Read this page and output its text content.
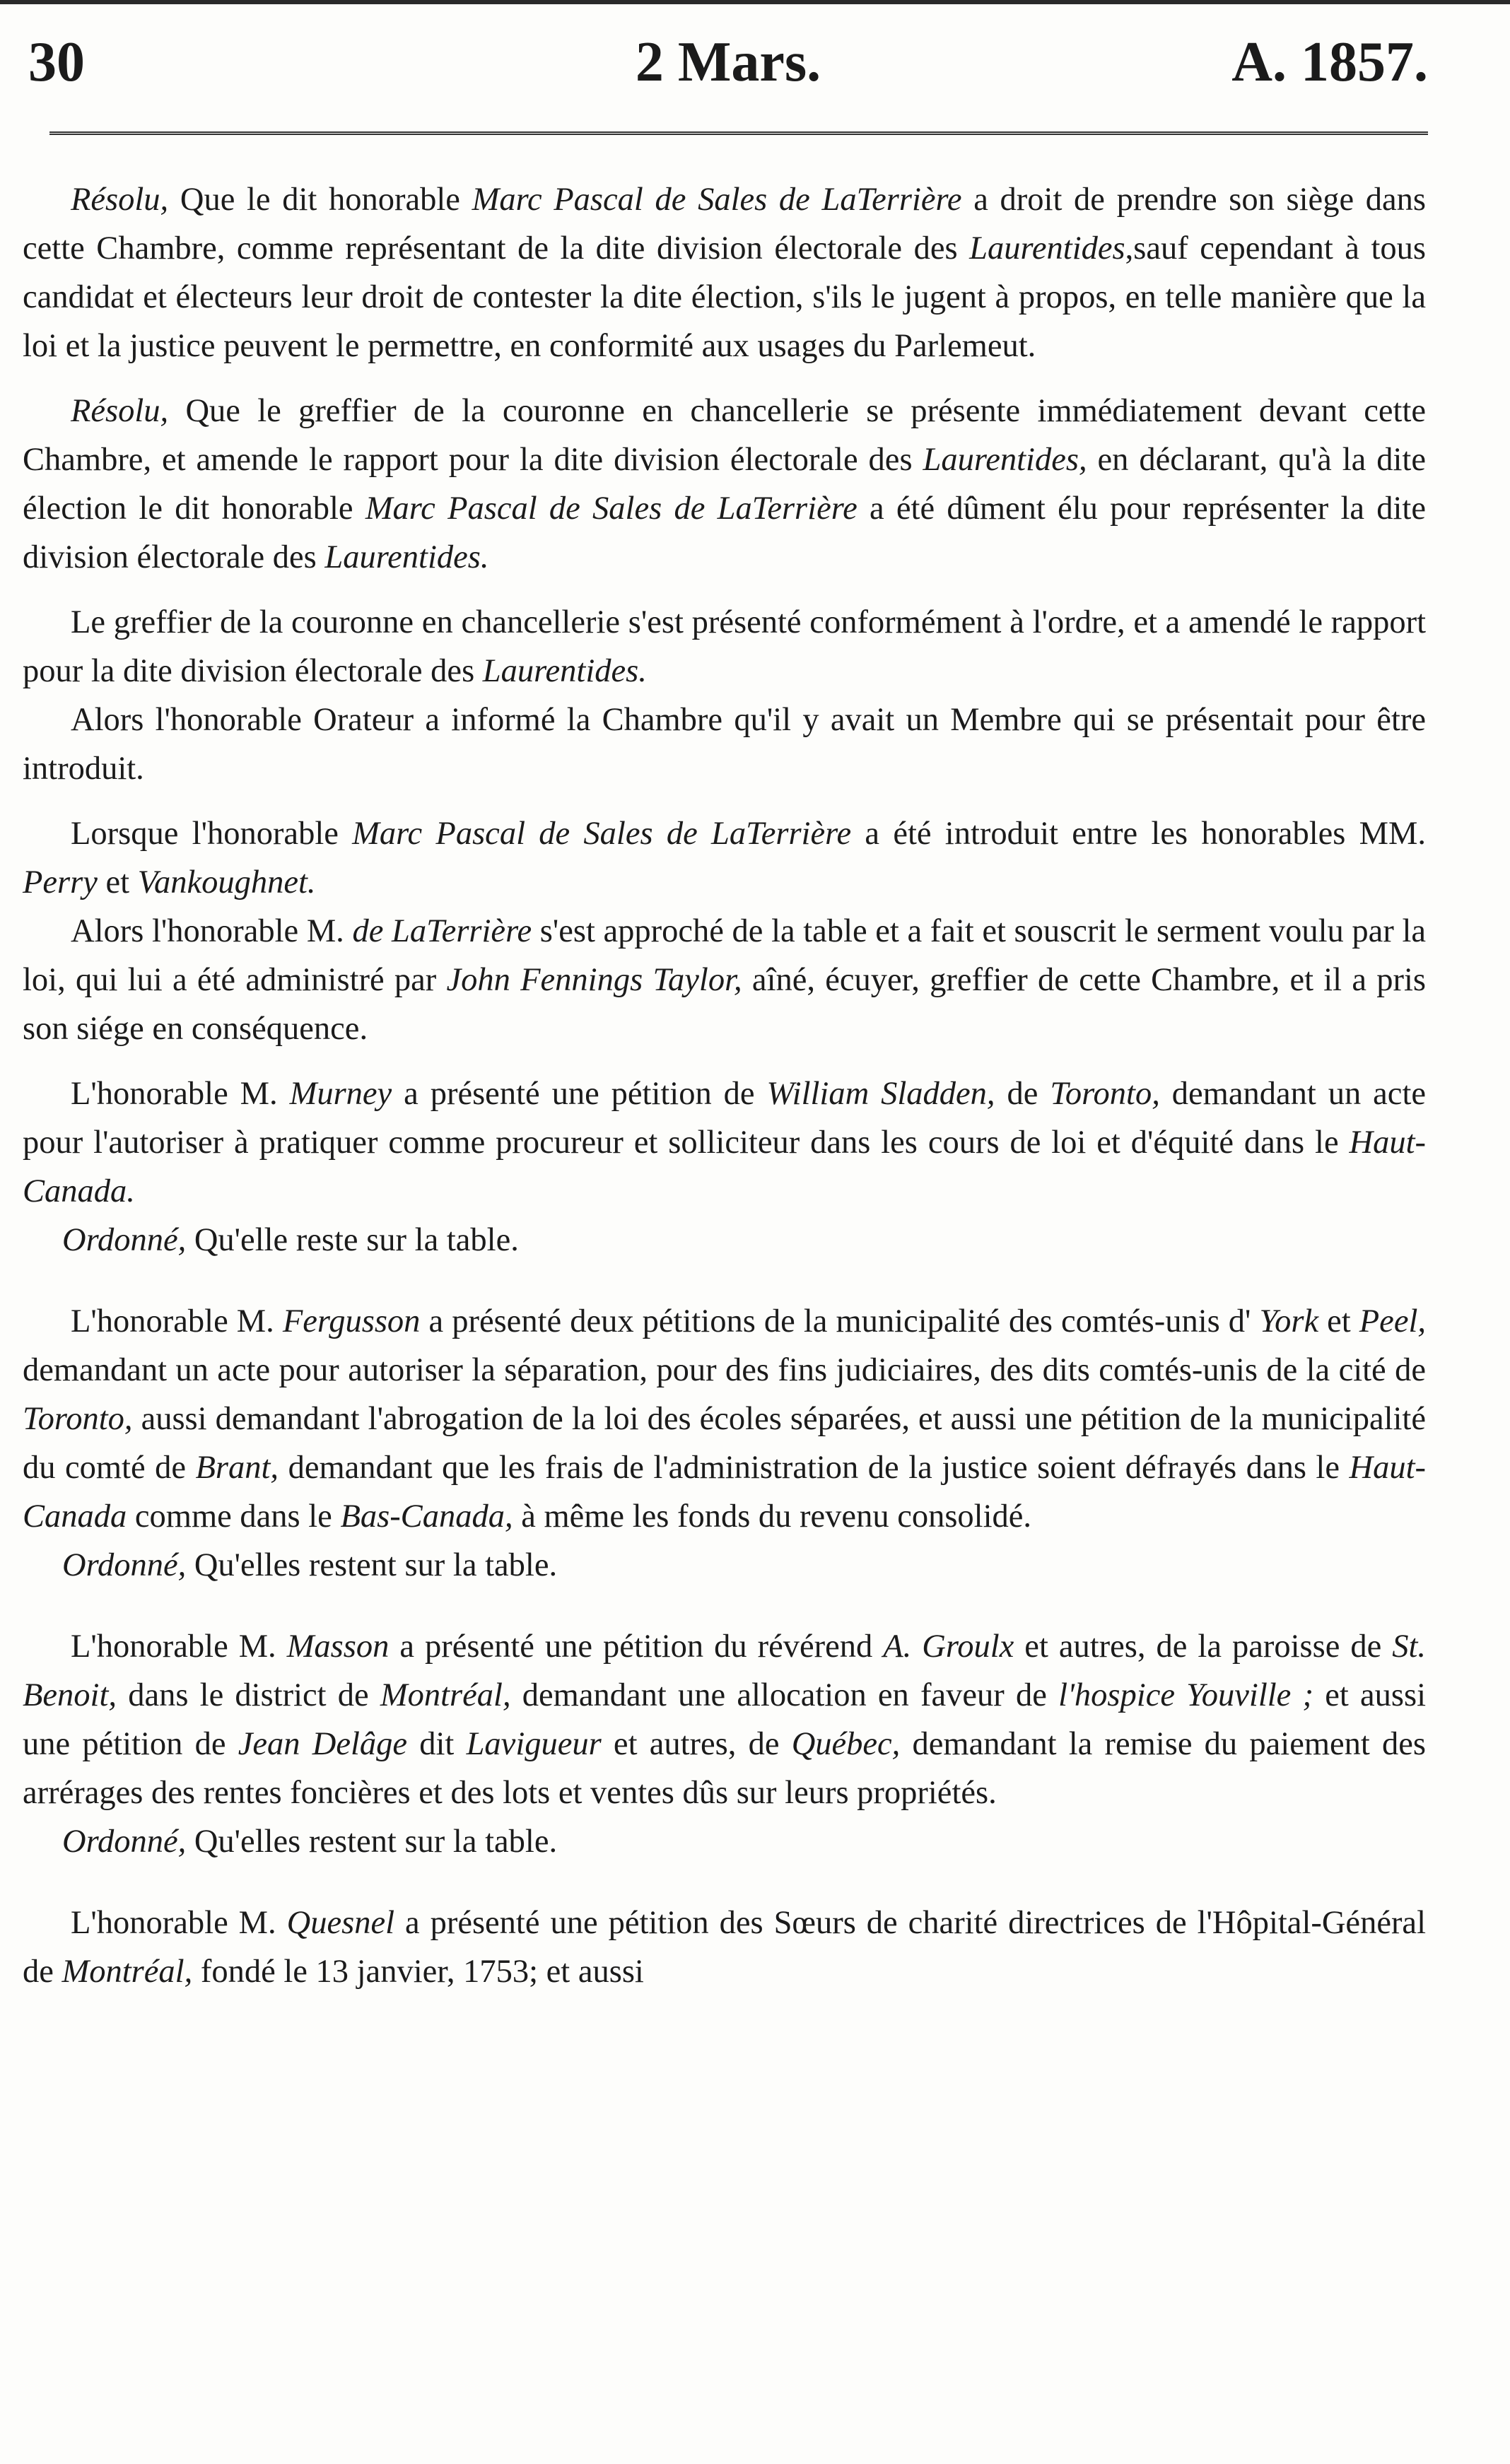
30	2 Mars.	A. 1857.

Résolu, Que le dit honorable Marc Pascal de Sales de LaTerrière a droit de prendre son siège dans cette Chambre, comme représentant de la dite division électorale des Laurentides,sauf cependant à tous candidat et électeurs leur droit de contester la dite élection, s'ils le jugent à propos, en telle manière que la loi et la justice peuvent le permettre, en conformité aux usages du Parlemeut.

Résolu, Que le greffier de la couronne en chancellerie se présente immédiatement devant cette Chambre, et amende le rapport pour la dite division électorale des Laurentides, en déclarant, qu'à la dite élection le dit honorable Marc Pascal de Sales de LaTerrière a été dûment élu pour représenter la dite division électorale des Laurentides.

Le greffier de la couronne en chancellerie s'est présenté conformément à l'ordre, et a amendé le rapport pour la dite division électorale des Laurentides.

Alors l'honorable Orateur a informé la Chambre qu'il y avait un Membre qui se présentait pour être introduit.

Lorsque l'honorable Marc Pascal de Sales de LaTerrière a été introduit entre les honorables MM. Perry et Vankoughnet.

Alors l'honorable M. de LaTerrière s'est approché de la table et a fait et souscrit le serment voulu par la loi, qui lui a été administré par John Fennings Taylor, aîné, écuyer, greffier de cette Chambre, et il a pris son siége en conséquence.

L'honorable M. Murney a présenté une pétition de William Sladden, de Toronto, demandant un acte pour l'autoriser à pratiquer comme procureur et solliciteur dans les cours de loi et d'équité dans le Haut-Canada.

Ordonné, Qu'elle reste sur la table.

L'honorable M. Fergusson a présenté deux pétitions de la municipalité des comtés-unis d' York et Peel, demandant un acte pour autoriser la séparation, pour des fins judiciaires, des dits comtés-unis de la cité de Toronto, aussi demandant l'abrogation de la loi des écoles séparées, et aussi une pétition de la municipalité du comté de Brant, demandant que les frais de l'administration de la justice soient défrayés dans le Haut-Canada comme dans le Bas-Canada, à même les fonds du revenu consolidé.

Ordonné, Qu'elles restent sur la table.

L'honorable M. Masson a présenté une pétition du révérend A. Groulx et autres, de la paroisse de St. Benoit, dans le district de Montréal, demandant une allocation en faveur de l'hospice Youville ; et aussi une pétition de Jean Delâge dit Lavigueur et autres, de Québec, demandant la remise du paiement des arrérages des rentes foncières et des lots et ventes dûs sur leurs propriétés.

Ordonné, Qu'elles restent sur la table.

L'honorable M. Quesnel a présenté une pétition des Sœurs de charité directrices de l'Hôpital-Général de Montréal, fondé le 13 janvier, 1753; et aussi
